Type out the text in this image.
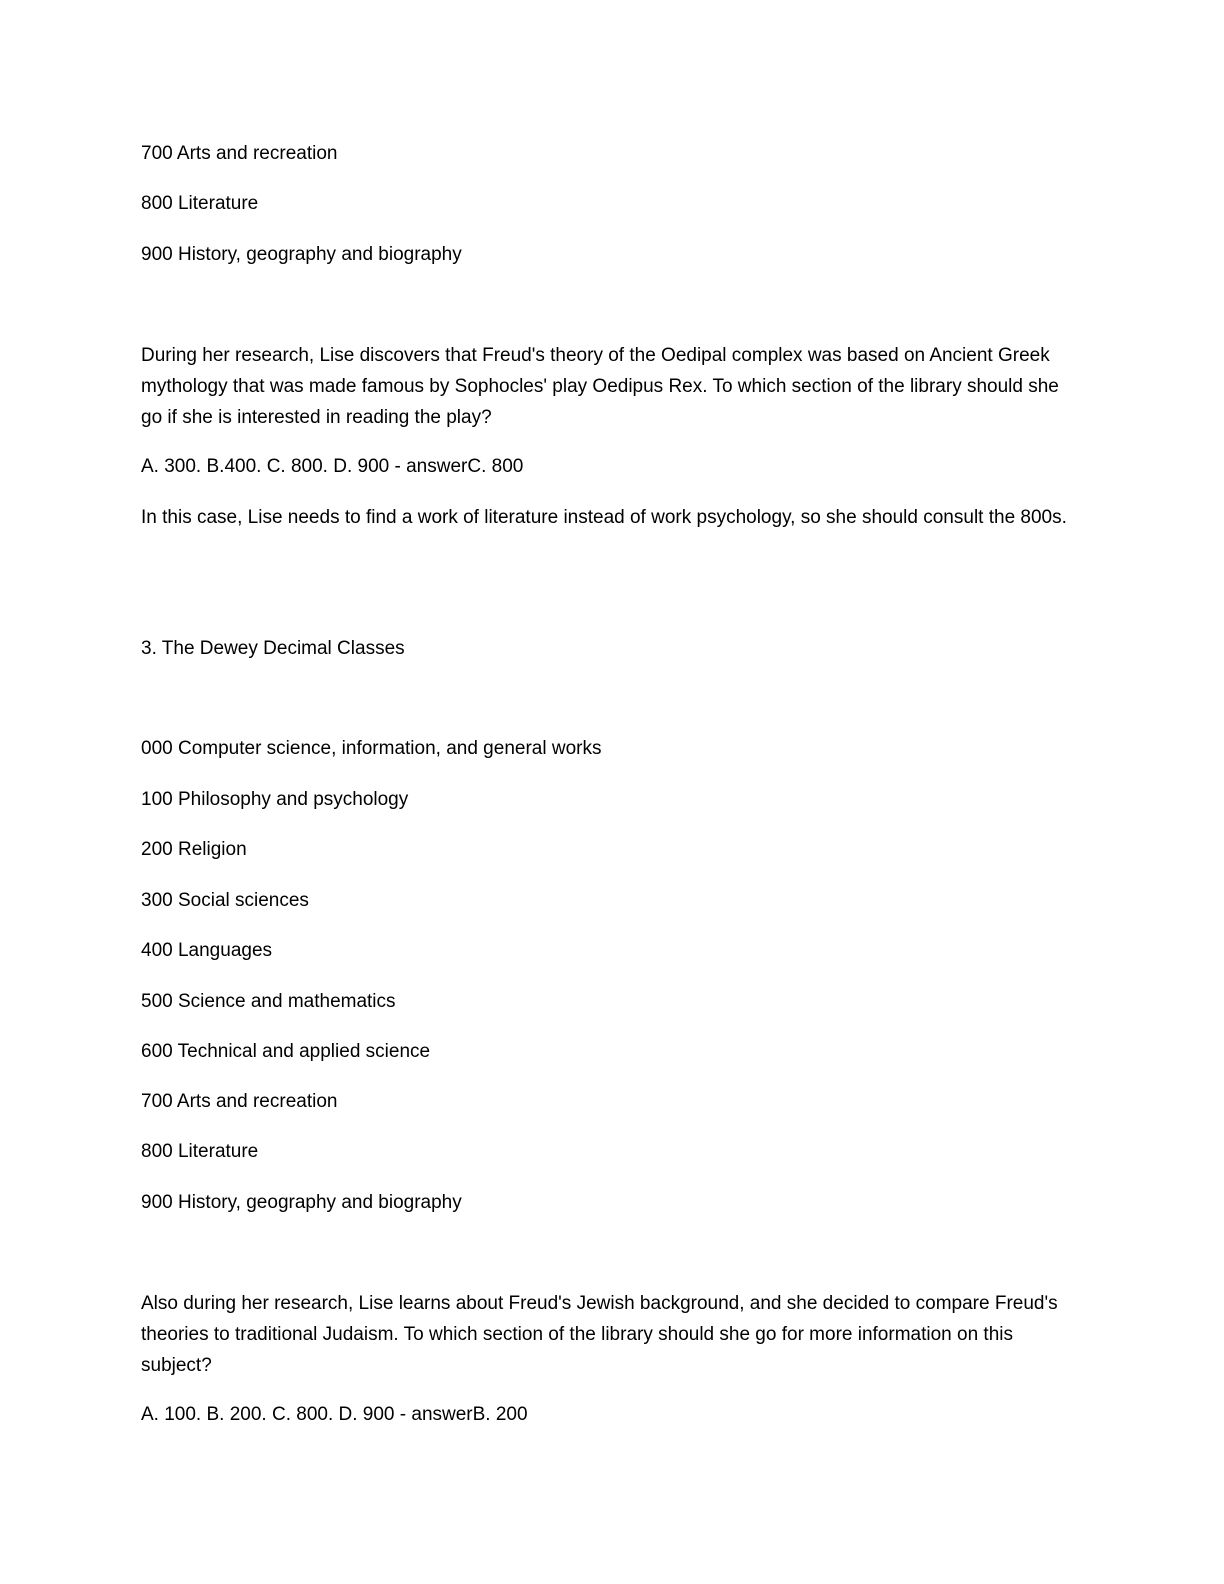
700 Arts and recreation
800 Literature
900 History, geography and biography
During her research, Lise discovers that Freud's theory of the Oedipal complex was based on Ancient Greek mythology that was made famous by Sophocles' play Oedipus Rex. To which section of the library should she go if she is interested in reading the play?
A. 300. B.400. C. 800. D. 900 - answerC. 800
In this case, Lise needs to find a work of literature instead of work psychology, so she should consult the 800s.
3. The Dewey Decimal Classes
000 Computer science, information, and general works
100 Philosophy and psychology
200 Religion
300 Social sciences
400 Languages
500 Science and mathematics
600 Technical and applied science
700 Arts and recreation
800 Literature
900 History, geography and biography
Also during her research, Lise learns about Freud's Jewish background, and she decided to compare Freud's theories to traditional Judaism. To which section of the library should she go for more information on this subject?
A. 100. B. 200. C. 800. D. 900 - answerB. 200
